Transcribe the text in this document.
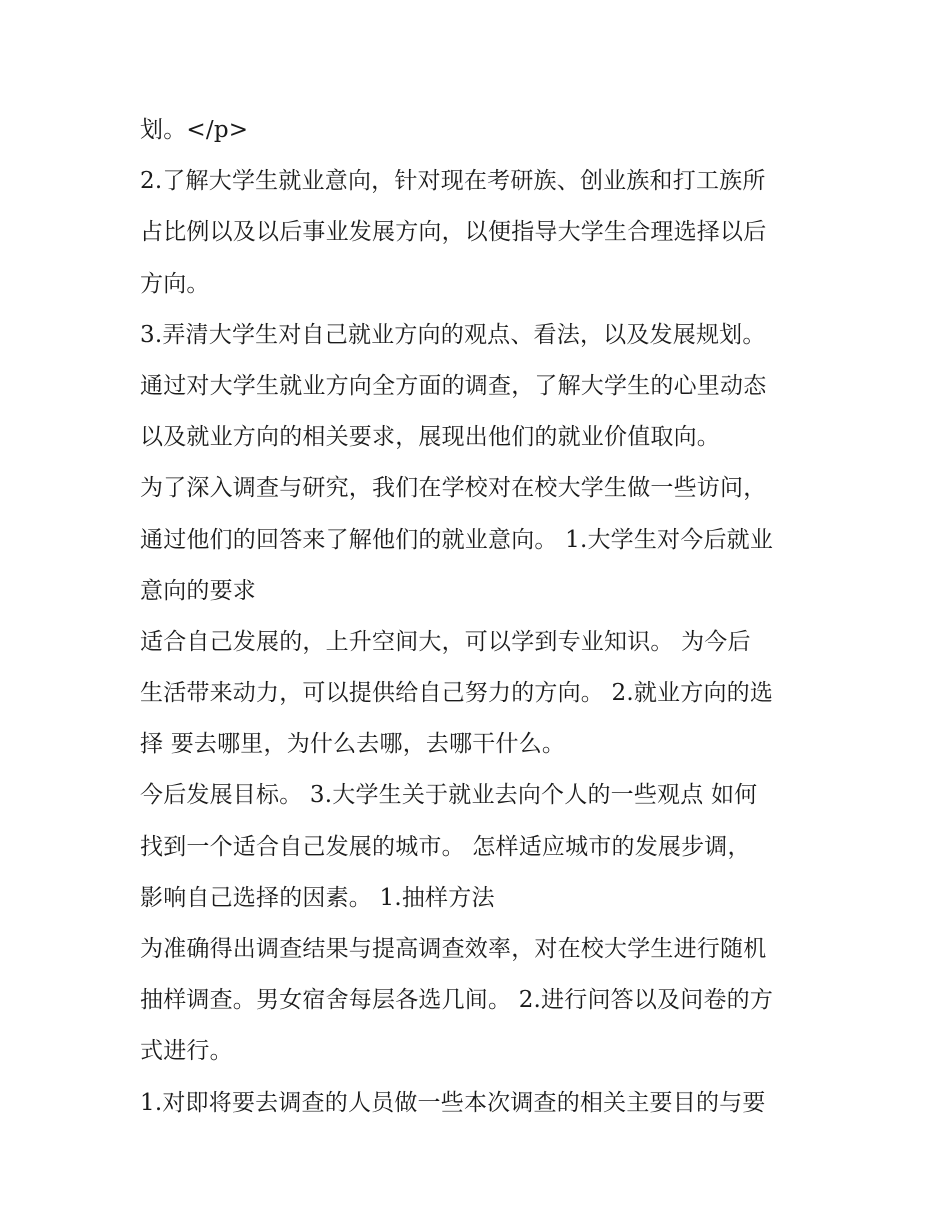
划。</p>
2.了解大学生就业意向，针对现在考研族、创业族和打工族所
占比例以及以后事业发展方向，以便指导大学生合理选择以后
方向。
3.弄清大学生对自己就业方向的观点、看法，以及发展规划。
通过对大学生就业方向全方面的调查，了解大学生的心里动态
以及就业方向的相关要求，展现出他们的就业价值取向。
为了深入调查与研究，我们在学校对在校大学生做一些访问，
通过他们的回答来了解他们的就业意向。 1.大学生对今后就业
意向的要求
适合自己发展的，上升空间大，可以学到专业知识。 为今后
生活带来动力，可以提供给自己努力的方向。 2.就业方向的选
择 要去哪里，为什么去哪，去哪干什么。
今后发展目标。 3.大学生关于就业去向个人的一些观点 如何
找到一个适合自己发展的城市。 怎样适应城市的发展步调，
影响自己选择的因素。 1.抽样方法
为准确得出调查结果与提高调查效率，对在校大学生进行随机
抽样调查。男女宿舍每层各选几间。 2.进行问答以及问卷的方
式进行。
1.对即将要去调查的人员做一些本次调查的相关主要目的与要
